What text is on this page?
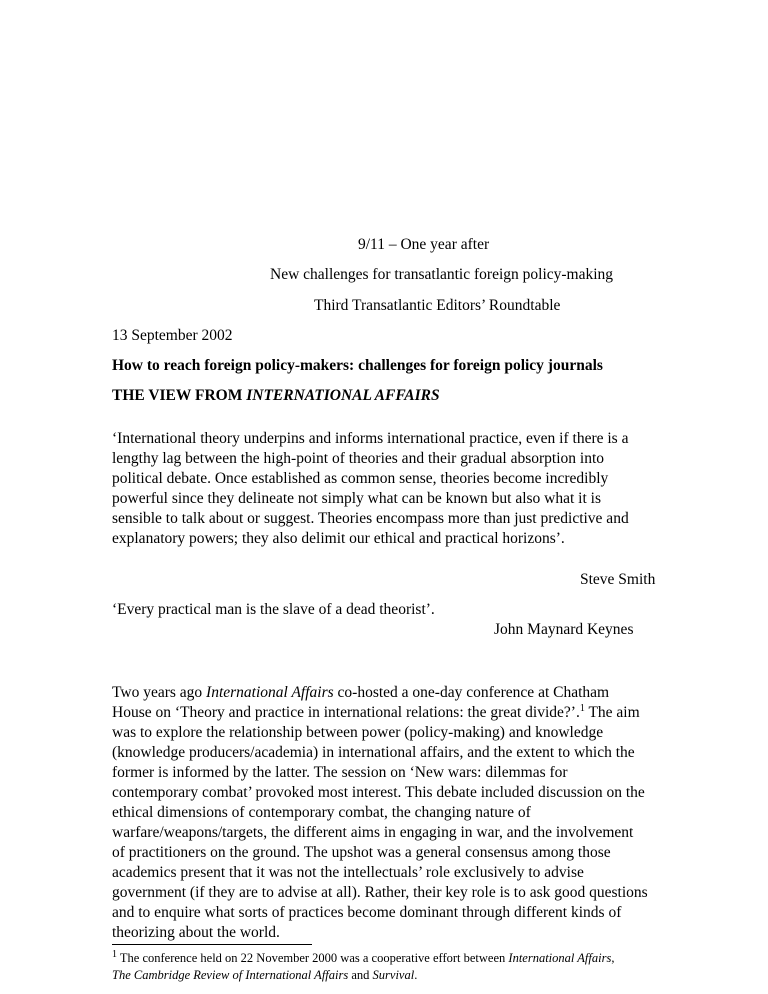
9/11 – One year after
New challenges for transatlantic foreign policy-making
Third Transatlantic Editors’ Roundtable
13 September 2002
How to reach foreign policy-makers: challenges for foreign policy journals
THE VIEW FROM INTERNATIONAL AFFAIRS
‘International theory underpins and informs international practice, even if there is a
lengthy lag between the high-point of theories and their gradual absorption into
political debate. Once established as common sense, theories become incredibly
powerful since they delineate not simply what can be known but also what it is
sensible to talk about or suggest. Theories encompass more than just predictive and
explanatory powers; they also delimit our ethical and practical horizons’.
Steve Smith
‘Every practical man is the slave of a dead theorist’.
John Maynard Keynes
Two years ago International Affairs co-hosted a one-day conference at Chatham
House on ‘Theory and practice in international relations: the great divide?’.$^1$ The aim
was to explore the relationship between power (policy-making) and knowledge
(knowledge producers/academia) in international affairs, and the extent to which the
former is informed by the latter. The session on ‘New wars: dilemmas for
contemporary combat’ provoked most interest. This debate included discussion on the
ethical dimensions of contemporary combat, the changing nature of
warfare/weapons/targets, the different aims in engaging in war, and the involvement
of practitioners on the ground. The upshot was a general consensus among those
academics present that it was not the intellectuals’ role exclusively to advise
government (if they are to advise at all). Rather, their key role is to ask good questions
and to enquire what sorts of practices become dominant through different kinds of
theorizing about the world.
$^1$ The conference held on 22 November 2000 was a cooperative effort between International Affairs,
The Cambridge Review of International Affairs and Survival.
